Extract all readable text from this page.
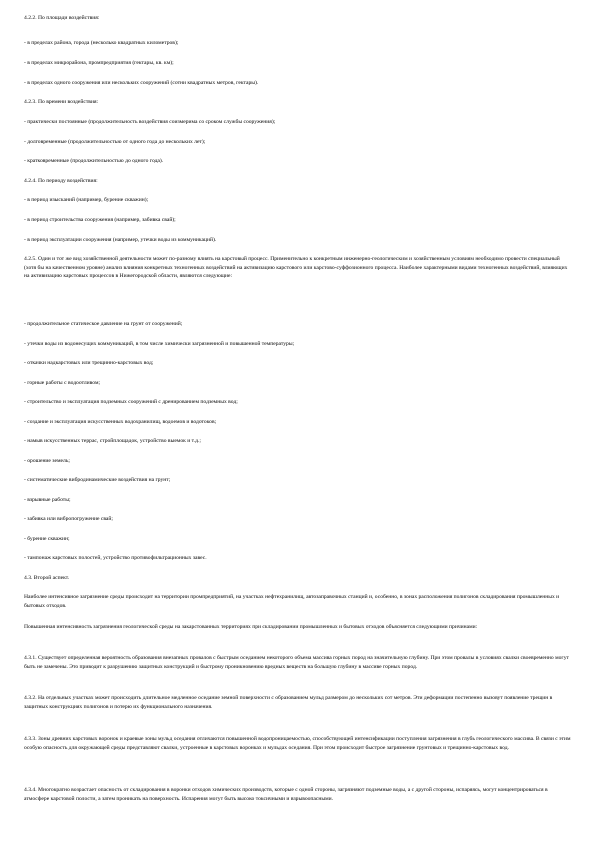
4.2.2. По площади воздействия:

- в пределах района, города (несколько квадратных километров);

- в пределах микрорайона, промпредприятия (гектары, кв. км);

- в пределах одного сооружения или нескольких сооружений (сотни квадратных метров, гектары).

4.2.3. По времени воздействия:

- практически постоянные (продолжительность воздействия соизмерима со сроком службы сооружения);

- долговременные (продолжительностью от одного года до нескольких лет);

- кратковременные (продолжительностью до одного года).

4.2.4. По периоду воздействия:

- в период изысканий (например, бурение скважин);

- в период строительства сооружения (например, забивка свай);

- в период эксплуатации сооружения (например, утечки воды из коммуникаций).

4.2.5. Один и тот же вид хозяйственной деятельности может по-разному влиять на карстовый процесс. Применительно к конкретным инженерно-геологическим и хозяйственным условиям необходимо провести специальный (хотя бы на качественном уровне) анализ влияния конкретных техногенных воздействий на активизацию карстового или карстово-суффозионного процесса. Наиболее характерными видами техногенных воздействий, влияющих на активизацию карстовых процессов в Нижегородской области, являются следующие:

- продолжительное статическое давление на грунт от сооружений;

- утечки воды из водонесущих коммуникаций, в том числе химически загрязненной и повышенной температуры;

- откачки надкарстовых или трещинно-карстовых вод;

- горные работы с водоотливом;

- строительство и эксплуатация подземных сооружений с дренированием подземных вод;

- создание и эксплуатация искусственных водохранилищ, водоемов и водотоков;

- намыв искусственных террас, стройплощадок, устройство выемок и т.д.;

- орошение земель;

- систематические вибродинамические воздействия на грунт;

- взрывные работы;

- забивка или вибропогружение свай;

- бурение скважин;

- тампонаж карстовых полостей, устройство противофильтрационных завес.

4.3. Второй аспект.

Наиболее интенсивное загрязнение среды происходит на территории промпредприятий, на участках нефтехранилищ, автозаправочных станций и, особенно, в зонах расположения полигонов складирования промышленных и бытовых отходов.

Повышенная интенсивность загрязнения геологической среды на закарстованных территориях при складировании промышленных и бытовых отходов объясняется следующими причинами:

4.3.1. Существует определенная вероятность образования внезапных провалов с быстрым оседанием некоторого объема массива горных пород на значительную глубину. При этом провалы в условиях свалки своевременно могут быть не замечены. Это приводит к разрушению защитных конструкций и быстрому проникновению вредных веществ на большую глубину в массиве горных пород.

4.3.2. На отдельных участках может происходить длительное медленное оседание земной поверхности с образованием мульд размером до нескольких сот метров. Эти деформации постепенно вызовут появление трещин в защитных конструкциях полигонов и потерю их функционального назначения.

4.3.3. Зоны древних карстовых воронок и краевые зоны мульд оседания отличаются повышенной водопроницаемостью, способствующей интенсификации поступления загрязнения в глубь геологического массива. В связи с этим особую опасность для окружающей среды представляют свалки, устроенные в карстовых воронках и мульдах оседания. При этом происходит быстрое загрязнение грунтовых и трещинно-карстовых вод.

4.3.4. Многократно возрастает опасность от складирования в воронки отходов химических производств, которые с одной стороны, загрязняют подземные воды, а с другой стороны, испаряясь, могут концентрироваться в атмосфере карстовой полости, а затем проникать на поверхность. Испарения могут быть высоко токсичными и взрывоопасными.
